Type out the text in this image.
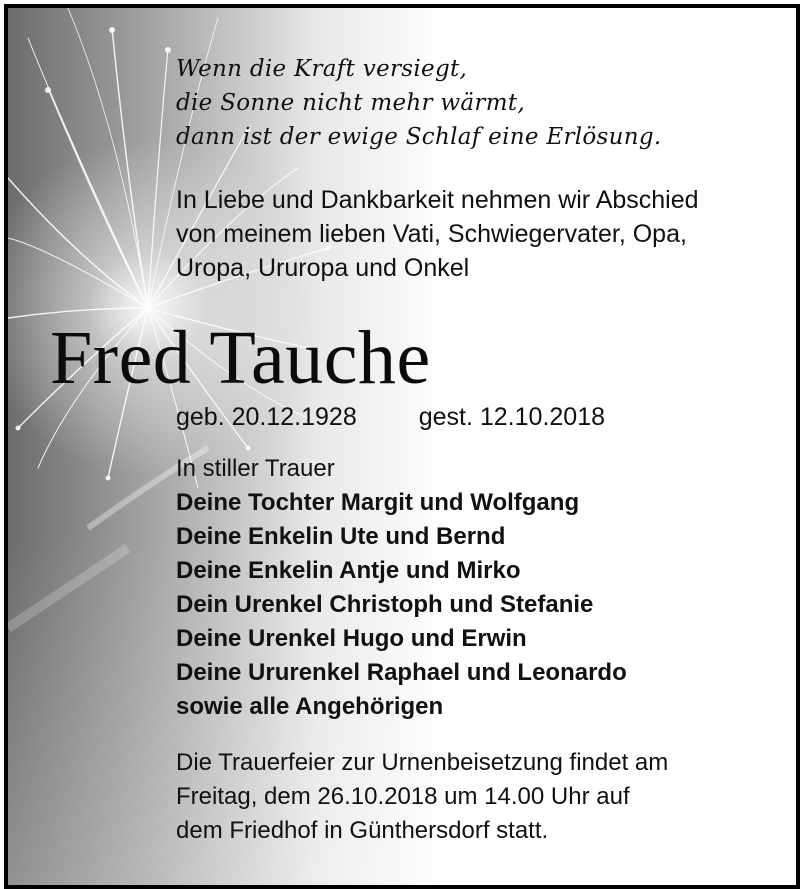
Wenn die Kraft versiegt,
die Sonne nicht mehr wärmt,
dann ist der ewige Schlaf eine Erlösung.
In Liebe und Dankbarkeit nehmen wir Abschied
von meinem lieben Vati, Schwiegervater, Opa,
Uropa, Ururopa und Onkel
Fred Tauche
geb. 20.12.1928 gest. 12.10.2018
In stiller Trauer
Deine Tochter Margit und Wolfgang
Deine Enkelin Ute und Bernd
Deine Enkelin Antje und Mirko
Dein Urenkel Christoph und Stefanie
Deine Urenkel Hugo und Erwin
Deine Ururenkel Raphael und Leonardo
sowie alle Angehörigen
Die Trauerfeier zur Urnenbeisetzung findet am
Freitag, dem 26.10.2018 um 14.00 Uhr auf
dem Friedhof in Günthersdorf statt.
